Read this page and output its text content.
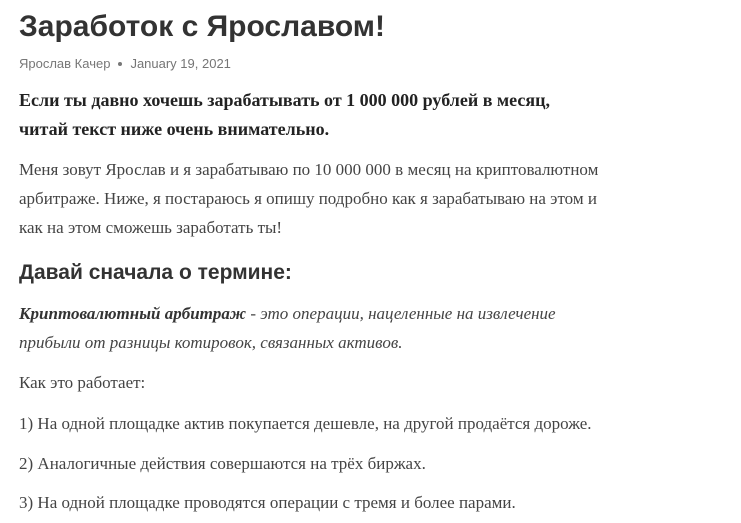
Заработок с Ярославом!
Ярослав Качер January 19, 2021

Если ты давно хочешь зарабатывать от 1 000 000 рублей в месяц,
читай текст ниже очень внимательно.

Меня зовут Ярослав и я зарабатываю по 10 000 000 в месяц на криптовалютном
арбитраже. Ниже, я постараюсь я опишу подробно как я зарабатываю на этом и
как на этом сможешь заработать ты!

Давай сначала о термине:

Криптовалютный арбитраж - это операции, нацеленные на извлечение
прибыли от разницы котировок, связанных активов.

Как это работает:

1) На одной площадке актив покупается дешевле, на другой продаётся дороже.

2) Аналогичные действия совершаются на трёх биржах.

3) На одной площадке проводятся операции с тремя и более парами.
